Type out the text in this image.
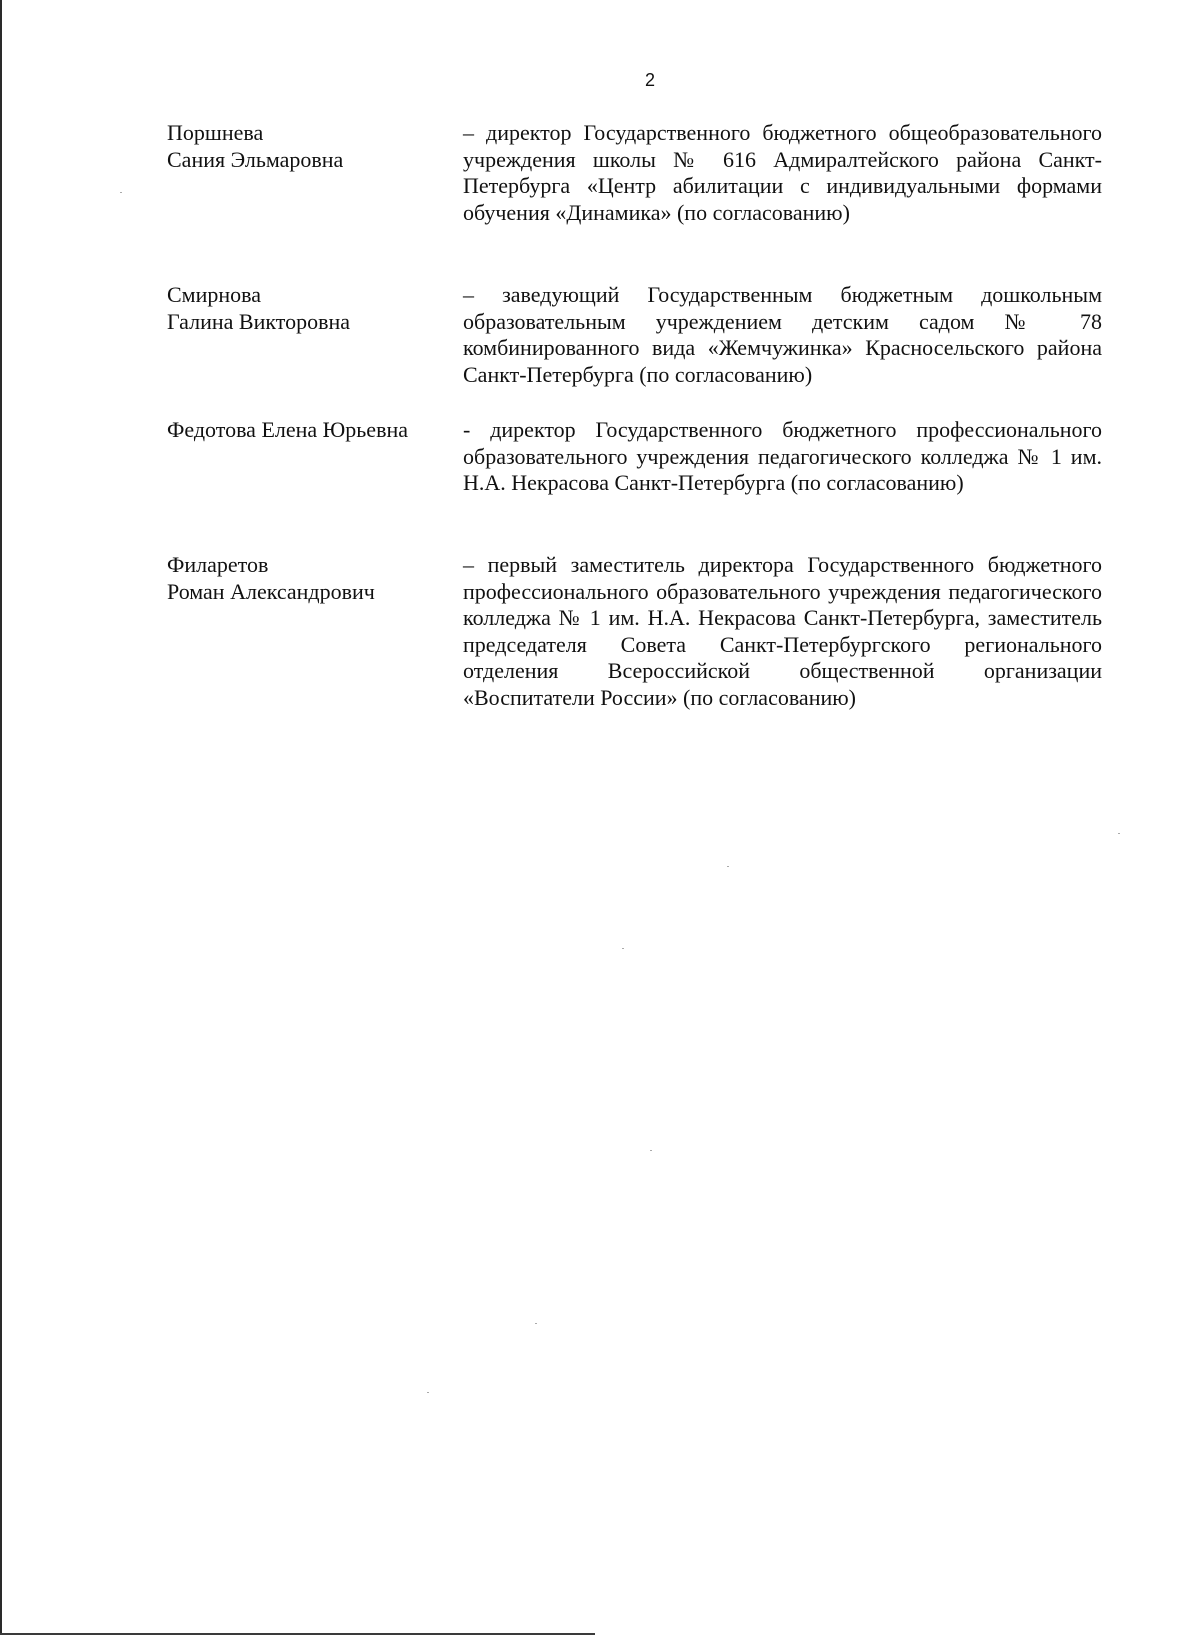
2
Поршнева
Сания Эльмаровна
– директор Государственного бюджетного общеобразовательного учреждения школы № 616 Адмиралтейского района Санкт-Петербурга «Центр абилитации с индивидуальными формами обучения «Динамика» (по согласованию)
Смирнова
Галина Викторовна
– заведующий Государственным бюджетным дошкольным образовательным учреждением детским садом № 78 комбинированного вида «Жемчужинка» Красносельского района Санкт-Петербурга (по согласованию)
Федотова Елена Юрьевна	- директор Государственного бюджетного профессионального образовательного учреждения педагогического колледжа № 1 им. Н.А. Некрасова Санкт-Петербурга (по согласованию)
Филаретов
Роман Александрович
– первый заместитель директора Государственного бюджетного профессионального образовательного учреждения педагогического колледжа № 1 им. Н.А. Некрасова Санкт-Петербурга, заместитель председателя Совета Санкт-Петербургского регионального отделения Всероссийской общественной организации «Воспитатели России» (по согласованию)
